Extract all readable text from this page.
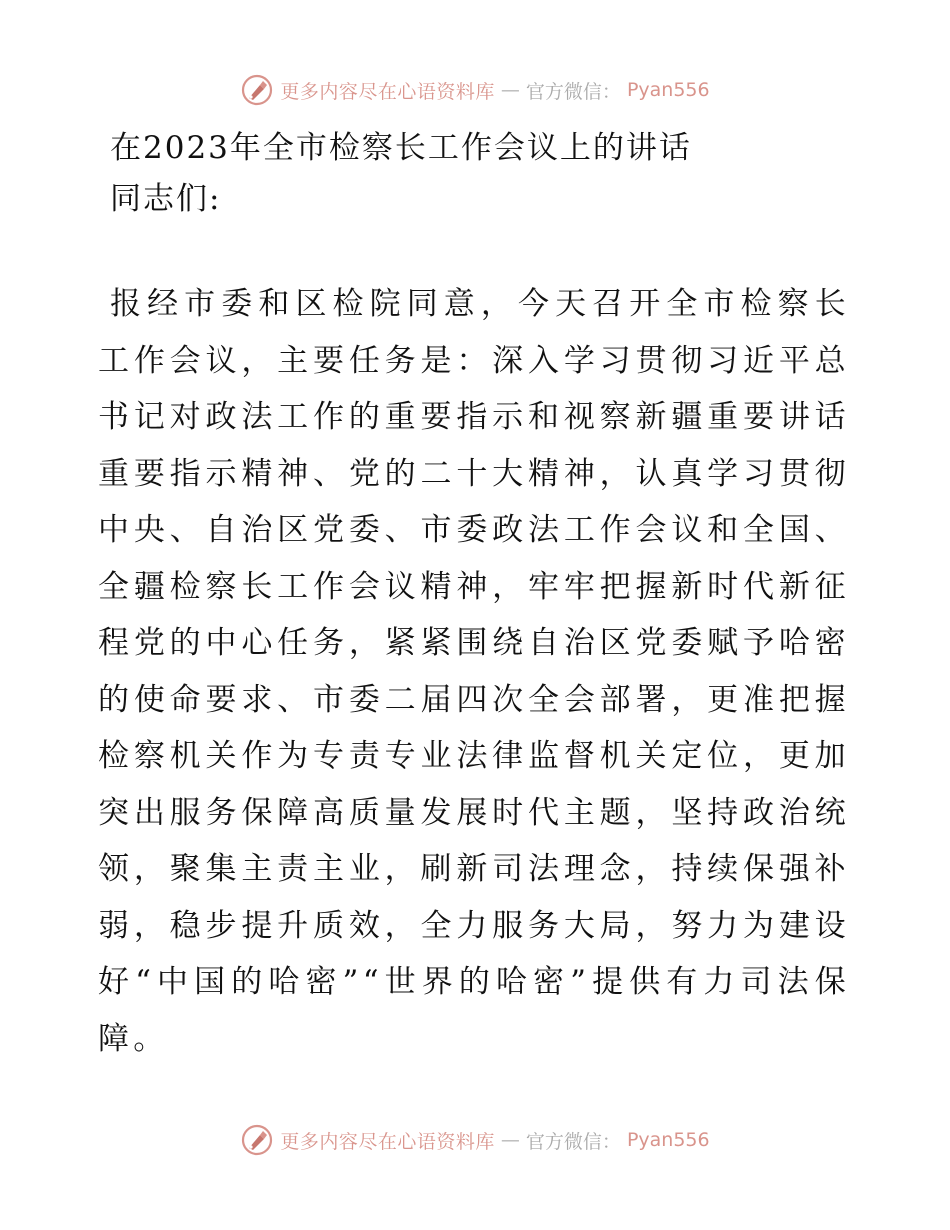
更多内容尽在心语资料库 — 官方微信： Pyan556
在2023年全市检察长工作会议上的讲话
同志们:

报经市委和区检院同意，今天召开全市检察长工作会议，主要任务是：深入学习贯彻习近平总书记对政法工作的重要指示和视察新疆重要讲话重要指示精神、党的二十大精神，认真学习贯彻中央、自治区党委、市委政法工作会议和全国、全疆检察长工作会议精神，牢牢把握新时代新征程党的中心任务，紧紧围绕自治区党委赋予哈密的使命要求、市委二届四次全会部署，更准把握检察机关作为专责专业法律监督机关定位，更加突出服务保障高质量发展时代主题，坚持政治统领，聚集主责主业，刷新司法理念，持续保强补弱，稳步提升质效，全力服务大局，努力为建设好“中国的哈密”“世界的哈密”提供有力司法保障。

更多内容尽在心语资料库 — 官方微信： Pyan556
